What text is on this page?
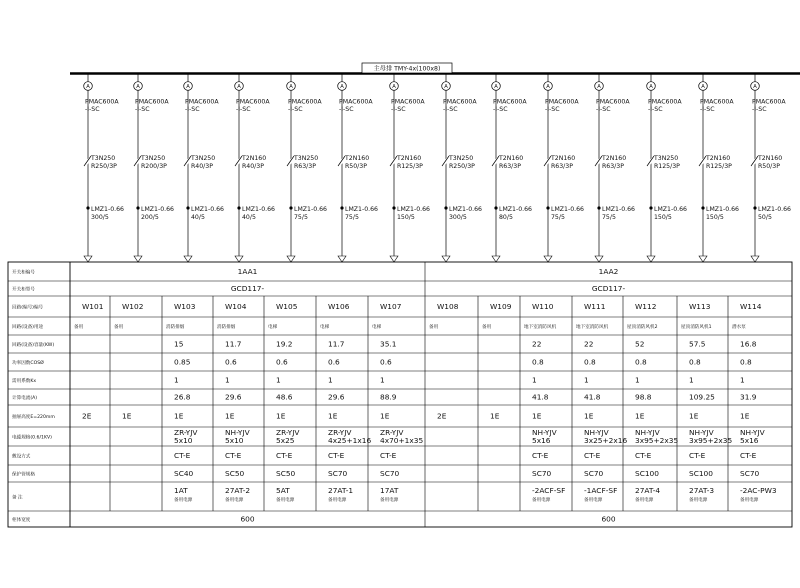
主母排 TMY-4x(100x8)
A
PMAC600A
-I-SC
T3N250
R250/3P
LMZ1-0.66
300/5
A
PMAC600A
-I-SC
T3N250
R200/3P
LMZ1-0.66
200/5
A
PMAC600A
-I-SC
T3N250
R40/3P
LMZ1-0.66
40/5
A
PMAC600A
-I-SC
T2N160
R40/3P
LMZ1-0.66
40/5
A
PMAC600A
-I-SC
T3N250
R63/3P
LMZ1-0.66
75/5
A
PMAC600A
-I-SC
T2N160
R50/3P
LMZ1-0.66
75/5
A
PMAC600A
-I-SC
T2N160
R125/3P
LMZ1-0.66
150/5
A
PMAC600A
-I-SC
T3N250
R250/3P
LMZ1-0.66
300/5
A
PMAC600A
-I-SC
T2N160
R63/3P
LMZ1-0.66
80/5
A
PMAC600A
-I-SC
T2N160
R63/3P
LMZ1-0.66
75/5
A
PMAC600A
-I-SC
T2N160
R63/3P
LMZ1-0.66
75/5
A
PMAC600A
-I-SC
T3N250
R125/3P
LMZ1-0.66
150/5
A
PMAC600A
-I-SC
T2N160
R125/3P
LMZ1-0.66
150/5
A
PMAC600A
-I-SC
T2N160
R50/3P
LMZ1-0.66
50/5
开关柜编号
开关柜型号
回路(编号)编号
回路(设备)用途
回路(设备)容量(KW)
功率因数COSØ
需用系数Kx
计算电流(A)
抽屉高度E=220mm
电缆规格(0.6/1KV)
敷设方式
保护管规格
备 注
柜体宽度
1AA1
GCD117-
600
1AA2
GCD117-
600
W101
备用
2E
W102
备用
1E
W103
消防排烟
15
0.85
1
26.8
1E
ZR-YJV
5x10
CT-E
SC40
1AT
备用电源
W104
消防排烟
11.7
0.6
1
29.6
1E
NH-YJV
5x10
CT-E
SC50
27AT-2
备用电源
W105
电梯
19.2
0.6
1
48.6
1E
ZR-YJV
5x25
CT-E
SC50
5AT
备用电源
W106
电梯
11.7
0.6
1
29.6
1E
ZR-YJV
4x25+1x16
CT-E
SC70
27AT-1
备用电源
W107
电梯
35.1
0.6
1
88.9
1E
ZR-YJV
4x70+1x35
CT-E
SC70
17AT
备用电源
W108
备用
2E
W109
备用
1E
W110
地下室消防风机
22
0.8
1
41.8
1E
NH-YJV
5x16
CT-E
SC70
-2ACF-SF
备用电源
W111
地下室消防风机
22
0.8
1
41.8
1E
NH-YJV
3x25+2x16
CT-E
SC70
-1ACF-SF
备用电源
W112
屋顶消防风机2
52
0.8
1
98.8
1E
NH-YJV
3x95+2x35
CT-E
SC100
27AT-4
备用电源
W113
屋顶消防风机1
57.5
0.8
1
109.25
1E
NH-YJV
3x95+2x35
CT-E
SC100
27AT-3
备用电源
W114
潜水泵
16.8
0.8
1
31.9
1E
NH-YJV
5x16
CT-E
SC70
-2AC-PW3
备用电源
